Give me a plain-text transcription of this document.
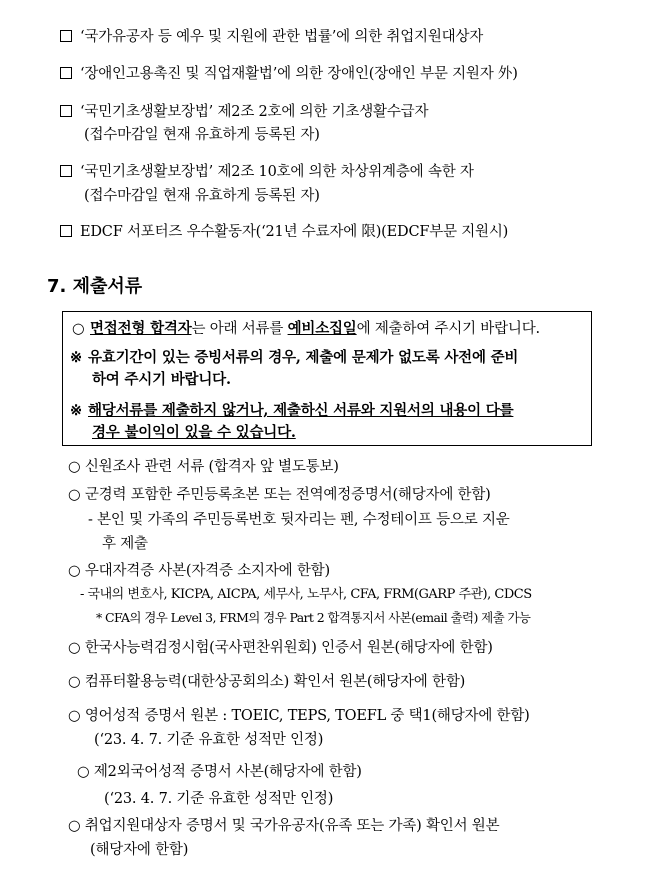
‘국가유공자 등 예우 및 지원에 관한 법률’에 의한 취업지원대상자
‘장애인고용촉진 및 직업재활법’에 의한 장애인(장애인 부문 지원자 外)
‘국민기초생활보장법’ 제2조 2호에 의한 기초생활수급자
(접수마감일 현재 유효하게 등록된 자)
‘국민기초생활보장법’ 제2조 10호에 의한 차상위계층에 속한 자
(접수마감일 현재 유효하게 등록된 자)
EDCF 서포터즈 우수활동자(‘21년 수료자에 限)(EDCF부문 지원시)
7. 제출서류
○ 면접전형 합격자는 아래 서류를 예비소집일에 제출하여 주시기 바랍니다.
※ 유효기간이 있는 증빙서류의 경우, 제출에 문제가 없도록 사전에 준비
하여 주시기 바랍니다.
※ 해당서류를 제출하지 않거나, 제출하신 서류와 지원서의 내용이 다를
경우 불이익이 있을 수 있습니다.
○ 신원조사 관련 서류 (합격자 앞 별도통보)
○ 군경력 포함한 주민등록초본 또는 전역예정증명서(해당자에 한함)
- 본인 및 가족의 주민등록번호 뒷자리는 펜, 수정테이프 등으로 지운
후 제출
○ 우대자격증 사본(자격증 소지자에 한함)
- 국내의 변호사, KICPA, AICPA, 세무사, 노무사, CFA, FRM(GARP 주관), CDCS
* CFA의 경우 Level 3, FRM의 경우 Part 2 합격통지서 사본(email 출력) 제출 가능
○ 한국사능력검정시험(국사편찬위원회) 인증서 원본(해당자에 한함)
○ 컴퓨터활용능력(대한상공회의소) 확인서 원본(해당자에 한함)
○ 영어성적 증명서 원본 : TOEIC, TEPS, TOEFL 중 택1(해당자에 한함)
(‘23. 4. 7. 기준 유효한 성적만 인정)
○ 제2외국어성적 증명서 사본(해당자에 한함)
(‘23. 4. 7. 기준 유효한 성적만 인정)
○ 취업지원대상자 증명서 및 국가유공자(유족 또는 가족) 확인서 원본
(해당자에 한함)
